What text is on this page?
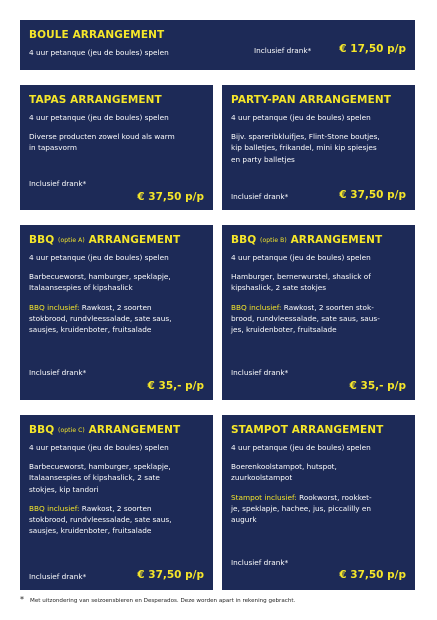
BOULE ARRANGEMENT
4 uur petanque (jeu de boules) spelen	Inclusief drank*	€ 17,50 p/p
TAPAS ARRANGEMENT
4 uur petanque (jeu de boules) spelen
Diverse producten zowel koud als warm
in tapasvorm
Inclusief drank*
€ 37,50 p/p
PARTY-PAN ARRANGEMENT
4 uur petanque (jeu de boules) spelen
Bijv. spareribkluifjes, Flint-Stone boutjes,
kip balletjes, frikandel, mini kip spiesjes
en party balletjes
Inclusief drank*	€ 37,50 p/p
BBQ (optie A) ARRANGEMENT
4 uur petanque (jeu de boules) spelen
Barbecueworst, hamburger, speklapje,
Italaansespies of kipshaslick
BBQ inclusief: Rawkost, 2 soorten
stokbrood, rundvleessalade, sate saus,
sausjes, kruidenboter, fruitsalade
Inclusief drank*
€ 35,- p/p
BBQ (optie B) ARRANGEMENT
4 uur petanque (jeu de boules) spelen
Hamburger, bernerwurstel, shaslick of
kipshaslick, 2 sate stokjes
BBQ inclusief: Rawkost, 2 soorten stok-
brood, rundvleessalade, sate saus, saus-
jes, kruidenboter, fruitsalade
Inclusief drank*
€ 35,- p/p
BBQ (optie C) ARRANGEMENT
4 uur petanque (jeu de boules) spelen
Barbecueworst, hamburger, speklapje,
Italaansespies of kipshaslick, 2 sate
stokjes, kip tandori
BBQ inclusief: Rawkost, 2 soorten
stokbrood, rundvleessalade, sate saus,
sausjes, kruidenboter, fruitsalade
Inclusief drank*	€ 37,50 p/p
STAMPOT ARRANGEMENT
4 uur petanque (jeu de boules) spelen
Boerenkoolstampot, hutspot,
zuurkoolstampot
Stampot inclusief: Rookworst, rookket-
je, speklapje, hachee, jus, piccalilly en
augurk
Inclusief drank*
€ 37,50 p/p
* Met uitzondering van seizoensbieren en Desperados. Deze worden apart in rekening gebracht.
